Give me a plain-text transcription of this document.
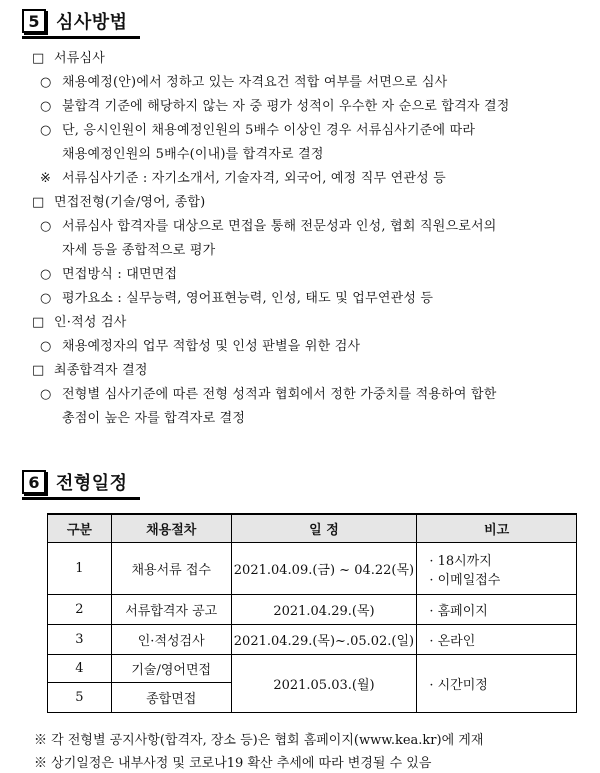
5 심사방법
□ 서류심사
○ 채용예정(안)에서 정하고 있는 자격요건 적합 여부를 서면으로 심사
○ 불합격 기준에 해당하지 않는 자 중 평가 성적이 우수한 자 순으로 합격자 결정
○ 단, 응시인원이 채용예정인원의 5배수 이상인 경우 서류심사기준에 따라
채용예정인원의 5배수(이내)를 합격자로 결정
※ 서류심사기준 : 자기소개서, 기술자격, 외국어, 예정 직무 연관성 등
□ 면접전형(기술/영어, 종합)
○ 서류심사 합격자를 대상으로 면접을 통해 전문성과 인성, 협회 직원으로서의
자세 등을 종합적으로 평가
○ 면접방식 : 대면면접
○ 평가요소 : 실무능력, 영어표현능력, 인성, 태도 및 업무연관성 등
□ 인·적성 검사
○ 채용예정자의 업무 적합성 및 인성 판별을 위한 검사
□ 최종합격자 결정
○ 전형별 심사기준에 따른 전형 성적과 협회에서 정한 가중치를 적용하여 합한
총점이 높은 자를 합격자로 결정
6 전형일정
구분	채용절차	일 정	비고
1	채용서류 접수	2021.04.09.(금) ~ 04.22(목)	· 18시까지
· 이메일접수

2	서류합격자 공고	2021.04.29.(목)	· 홈페이지
3	인·적성검사	2021.04.29.(목)~.05.02.(일)	· 온라인
4	기술/영어면접	2021.05.03.(월)	· 시간미정
5	종합면접		
※ 각 전형별 공지사항(합격자, 장소 등)은 협회 홈페이지(www.kea.kr)에 게재
※ 상기일정은 내부사정 및 코로나19 확산 추세에 따라 변경될 수 있음
